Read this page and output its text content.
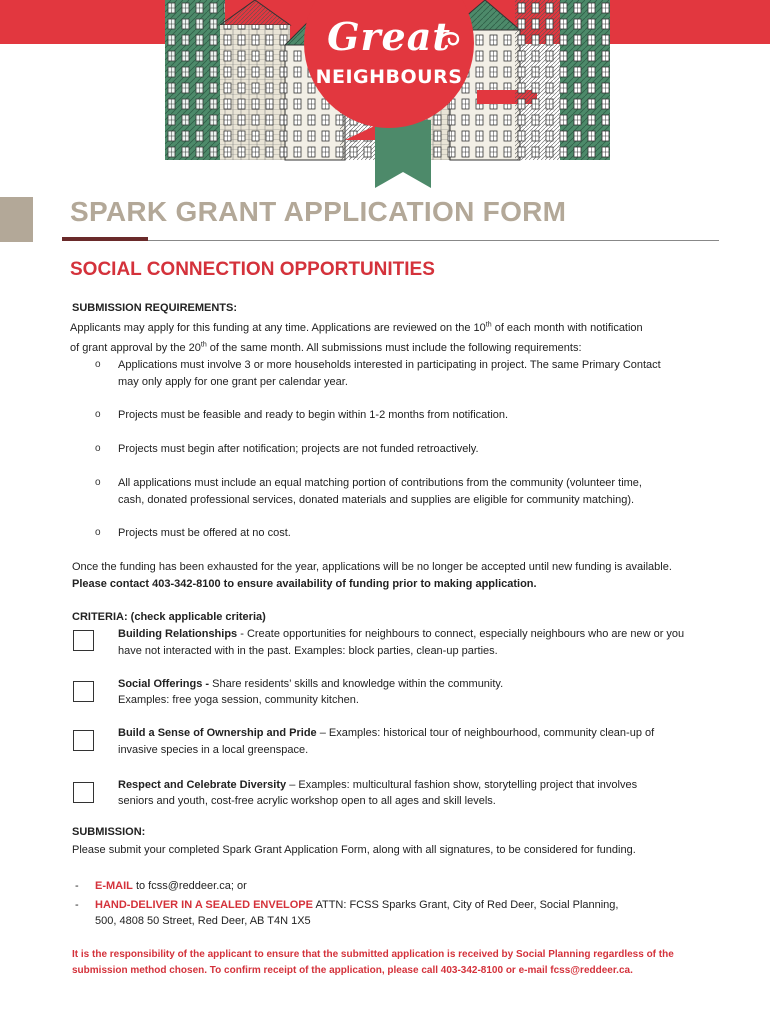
Great
NEIGHBOURS
SPARK GRANT APPLICATION FORM
SOCIAL CONNECTION OPPORTUNITIES
SUBMISSION REQUIREMENTS:
Applicants may apply for this funding at any time. Applications are reviewed on the 10th of each month with notification
of grant approval by the 20th of the same month. All submissions must include the following requirements:
o Applications must involve 3 or more households interested in participating in project. The same Primary Contact
may only apply for one grant per calendar year.
o Projects must be feasible and ready to begin within 1-2 months from notification.
o Projects must begin after notification; projects are not funded retroactively.
o All applications must include an equal matching portion of contributions from the community (volunteer time,
cash, donated professional services, donated materials and supplies are eligible for community matching).
o Projects must be offered at no cost.
Once the funding has been exhausted for the year, applications will be no longer be accepted until new funding is available.
Please contact 403-342-8100 to ensure availability of funding prior to making application.
CRITERIA: (check applicable criteria)
Building Relationships - Create opportunities for neighbours to connect, especially neighbours who are new or you
have not interacted with in the past. Examples: block parties, clean-up parties.
Social Offerings - Share residents’ skills and knowledge within the community.
Examples: free yoga session, community kitchen.
Build a Sense of Ownership and Pride – Examples: historical tour of neighbourhood, community clean-up of
invasive species in a local greenspace.
Respect and Celebrate Diversity – Examples: multicultural fashion show, storytelling project that involves
seniors and youth, cost-free acrylic workshop open to all ages and skill levels.
SUBMISSION:
Please submit your completed Spark Grant Application Form, along with all signatures, to be considered for funding.
- E-MAIL to fcss@reddeer.ca; or
- HAND-DELIVER IN A SEALED ENVELOPE ATTN: FCSS Sparks Grant, City of Red Deer, Social Planning,
500, 4808 50 Street, Red Deer, AB T4N 1X5
It is the responsibility of the applicant to ensure that the submitted application is received by Social Planning regardless of the
submission method chosen. To confirm receipt of the application, please call 403-342-8100 or e-mail fcss@reddeer.ca.
